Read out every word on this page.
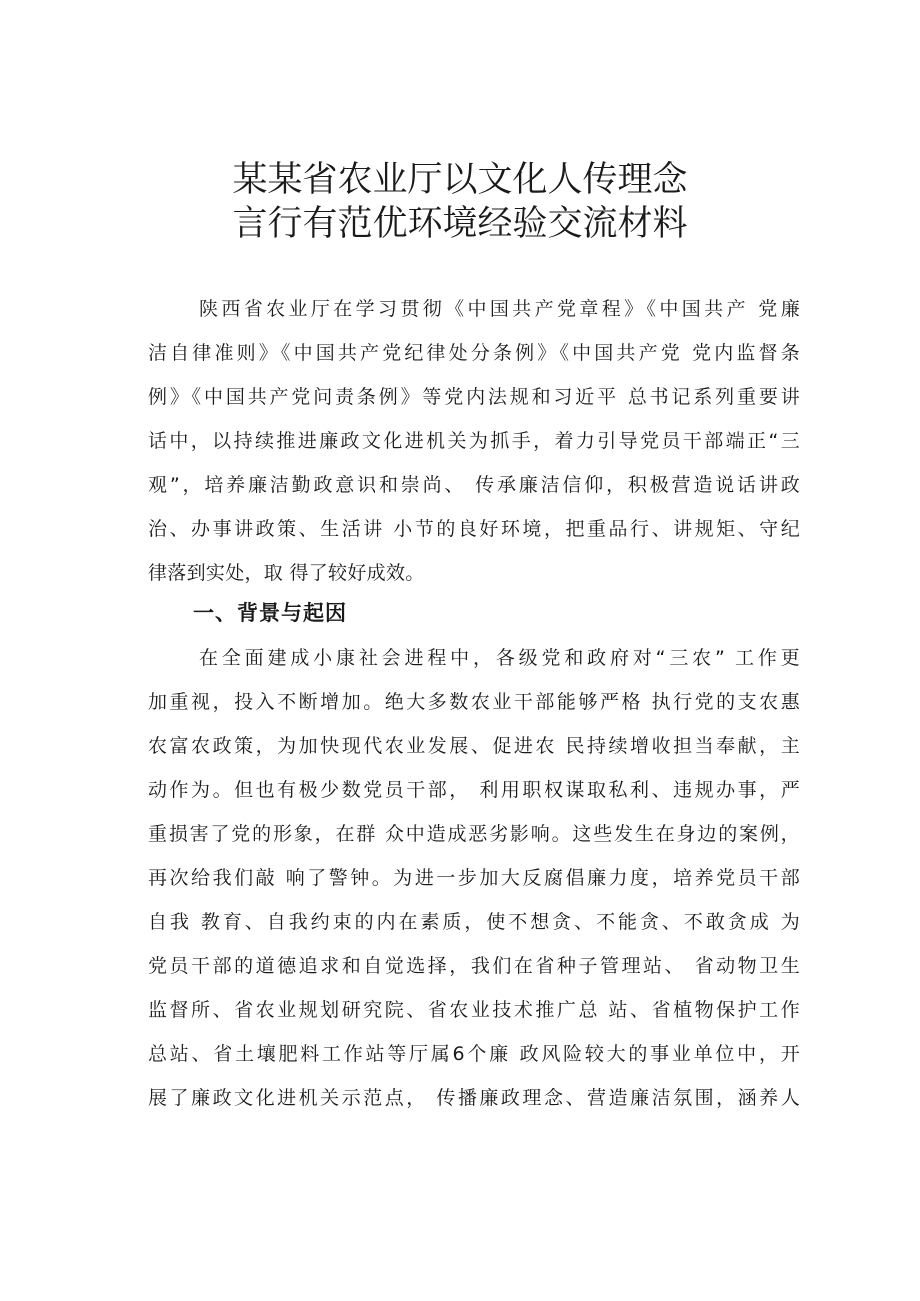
某某省农业厅以文化人传理念
言行有范优环境经验交流材料
陕西省农业厅在学习贯彻《中国共产党章程》《中国共产 党廉
洁自律准则》《中国共产党纪律处分条例》《中国共产党 党内监督条
例》《中国共产党问责条例》等党内法规和习近平 总书记系列重要讲
话中，以持续推进廉政文化进机关为抓手，着力引导党员干部端正“三
观”，培养廉洁勤政意识和崇尚、 传承廉洁信仰，积极营造说话讲政
治、办事讲政策、生活讲 小节的良好环境，把重品行、讲规矩、守纪
律落到实处，取 得了较好成效。
一、背景与起因
在全面建成小康社会进程中，各级党和政府对“三农” 工作更
加重视，投入不断增加。绝大多数农业干部能够严格 执行党的支农惠
农富农政策，为加快现代农业发展、促进农 民持续增收担当奉献，主
动作为。但也有极少数党员干部， 利用职权谋取私利、违规办事，严
重损害了党的形象，在群 众中造成恶劣影响。这些发生在身边的案例，
再次给我们敲 响了警钟。为进一步加大反腐倡廉力度，培养党员干部
自我 教育、自我约束的内在素质，使不想贪、不能贪、不敢贪成 为
党员干部的道德追求和自觉选择，我们在省种子管理站、 省动物卫生
监督所、省农业规划研究院、省农业技术推广总 站、省植物保护工作
总站、省土壤肥料工作站等厅属6个廉 政风险较大的事业单位中，开
展了廉政文化进机关示范点， 传播廉政理念、营造廉洁氛围，涵养人
